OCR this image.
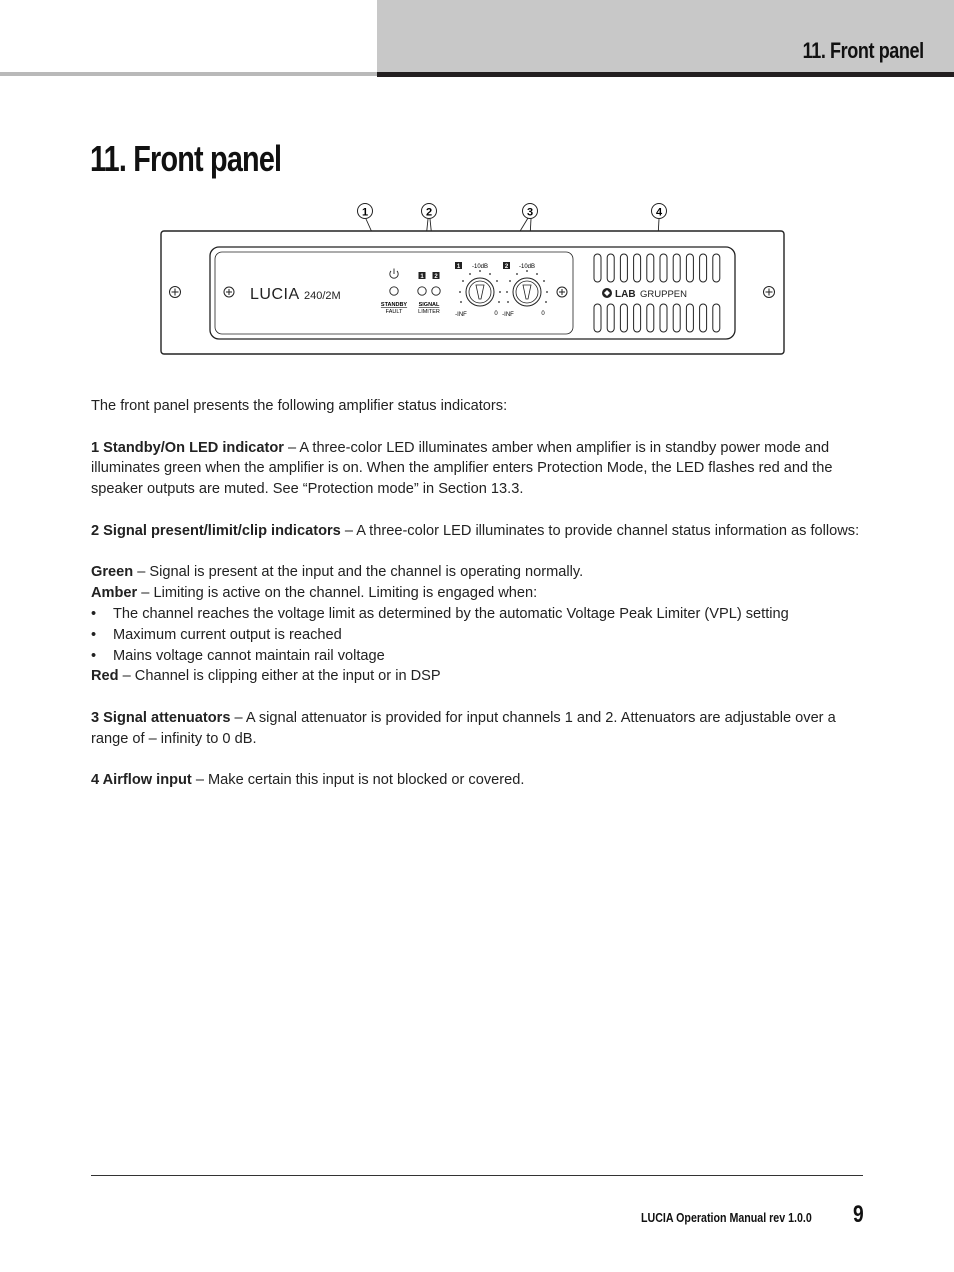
11. Front panel
11. Front panel
1	2	3	4
LUCIA 240/2M
STANDBY
FAULT
1 2
SIGNAL
LIMITER
1 -10dB
-INF	0
2 -10dB
-INF	0
LAB GRUPPEN

The front panel presents the following amplifier status indicators:

1 Standby/On LED indicator – A three-color LED illuminates amber when amplifier is in standby power mode and illuminates green when the amplifier is on. When the amplifier enters Protection Mode, the LED flashes red and the speaker outputs are muted. See “Protection mode” in Section 13.3.

2 Signal present/limit/clip indicators – A three-color LED illuminates to provide channel status information as follows:

Green – Signal is present at the input and the channel is operating normally.

Amber – Limiting is active on the channel. Limiting is engaged when:

• The channel reaches the voltage limit as determined by the automatic Voltage Peak Limiter (VPL) setting

• Maximum current output is reached

• Mains voltage cannot maintain rail voltage

Red – Channel is clipping either at the input or in DSP

3 Signal attenuators – A signal attenuator is provided for input channels 1 and 2. Attenuators are adjustable over a range of – infinity to 0 dB.

4 Airflow input – Make certain this input is not blocked or covered.

LUCIA Operation Manual rev 1.0.0 9
